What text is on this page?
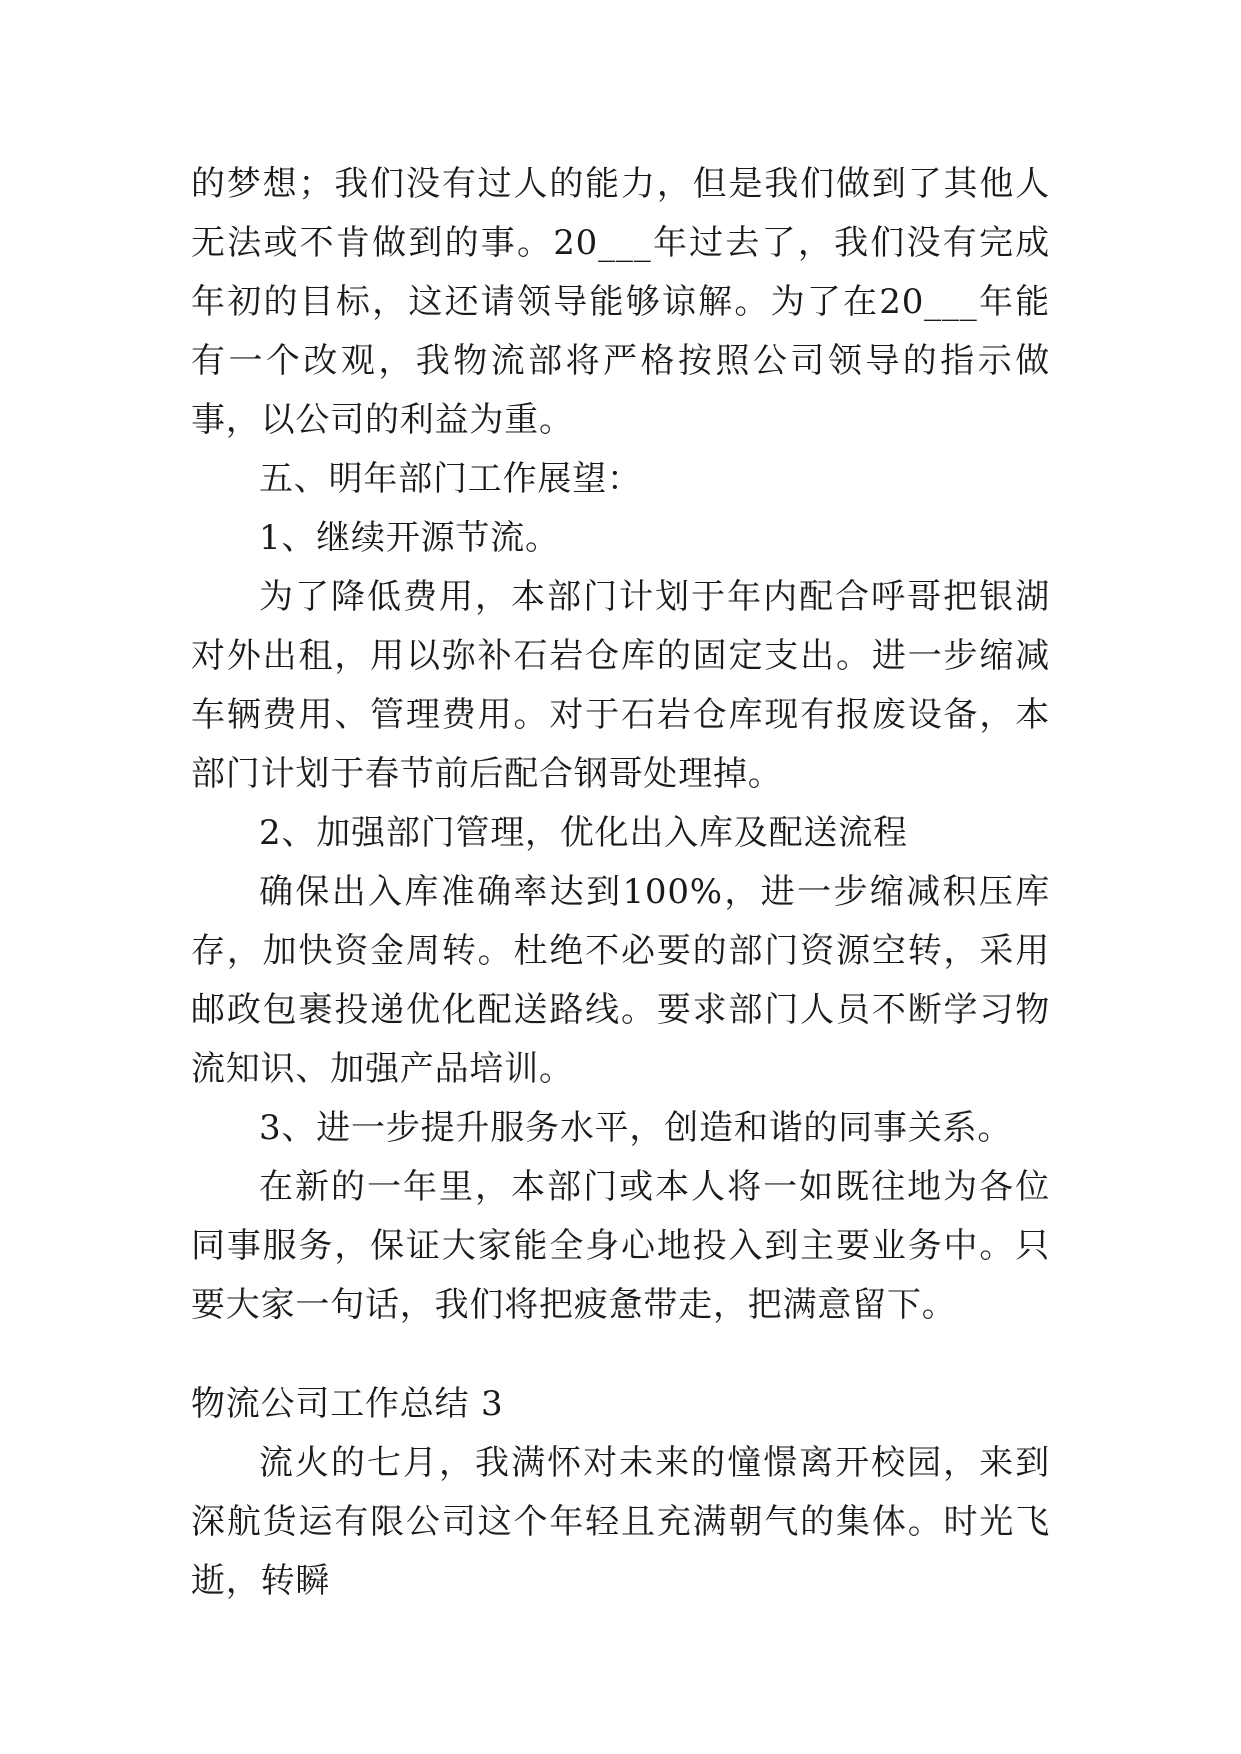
的梦想；我们没有过人的能力，但是我们做到了其他人无法或不肯做到的事。20___年过去了，我们没有完成年初的目标，这还请领导能够谅解。为了在20___年能有一个改观，我物流部将严格按照公司领导的指示做事，以公司的利益为重。

五、明年部门工作展望：

1、继续开源节流。

为了降低费用，本部门计划于年内配合呼哥把银湖对外出租，用以弥补石岩仓库的固定支出。进一步缩减车辆费用、管理费用。对于石岩仓库现有报废设备，本部门计划于春节前后配合钢哥处理掉。

2、加强部门管理，优化出入库及配送流程

确保出入库准确率达到100%，进一步缩减积压库存，加快资金周转。杜绝不必要的部门资源空转，采用邮政包裹投递优化配送路线。要求部门人员不断学习物流知识、加强产品培训。

3、进一步提升服务水平，创造和谐的同事关系。

在新的一年里，本部门或本人将一如既往地为各位同事服务，保证大家能全身心地投入到主要业务中。只要大家一句话，我们将把疲惫带走，把满意留下。

物流公司工作总结 3

流火的七月，我满怀对未来的憧憬离开校园，来到深航货运有限公司这个年轻且充满朝气的集体。时光飞逝，转瞬
